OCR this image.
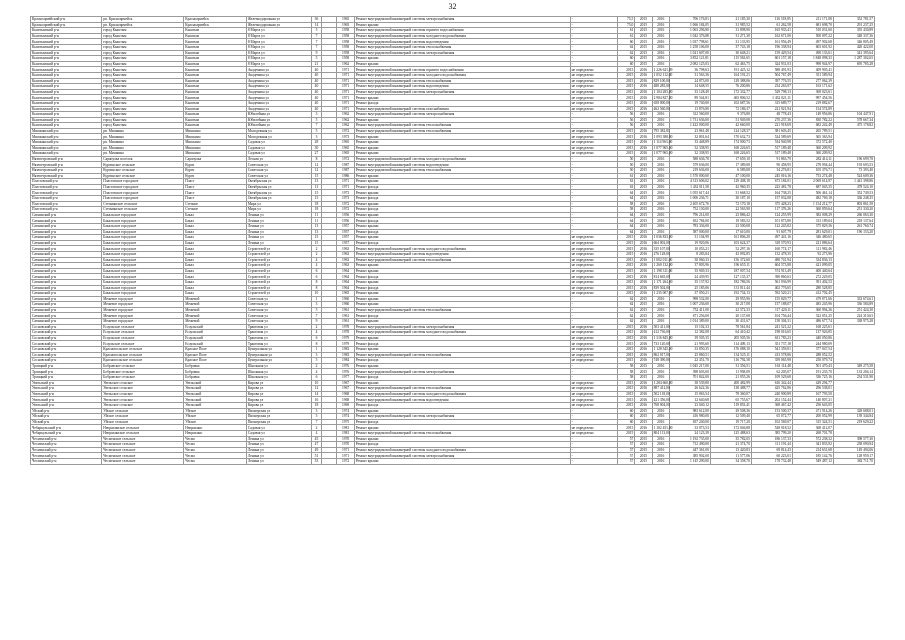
32
Красноармейский р-н	рп. Красноармейск	Красноармейск	Железнодорожная ул	36		1965	Ремонт внутридомовой инженерной системы электроснабжения	-	75,5	2015	2016	706 176,81	21 185,30	116 518,85	211 171,08	352 781,57
Красноармейский р-н	рп. Красноармейск	Красноармейск	Железнодорожная ул	14		1965	Ремонт крыши	-	75,0	2015	2016	1 066 184,05	31 985,52	61 262,58	681 698,70	291 237,25
Кыштымский р-н	город Кыштым	Кыштым	8 Марта ул	5		1958	Ремонт внутридомовой инженерной системы горячего водоснабжения	-	61	2015	2016	1 063 296,80	31 898,90	165 935,41	510 031,60	355 430,89
Кыштымский р-н	город Кыштым	Кыштым	8 Марта ул	7		1958	Ремонт внутридомовой инженерной системы холодного водоснабжения	-	61	2015	2016	1 042 376,88	31 271,30	162 671,00	500 097,22	348 337,36
Кыштымский р-н	город Кыштым	Кыштым	8 Марта ул	7		1958	Ремонт внутридомовой инженерной системы водоотведения	-	60	2015	2016	1 037 798,61	31 133,95	161 956,49	497 902,68	346 805,49
Кыштымский р-н	город Кыштым	Кыштым	8 Марта ул	7		1958	Ремонт внутридомовой инженерной системы теплоснабжения	-	62	2015	2016	1 258 106,00	37 743,18	196 338,94	603 601,92	420 422,00
Кыштымский р-н	город Кыштым	Кыштым	8 Марта ул	9		1958	Ремонт внутридомовой инженерной системы электроснабжения	-	62	2015	2016	1 021 607,00	30 648,21	159 429,54	490 133,61	341 395,64
Кыштымский р-н	город Кыштым	Кыштым	8 Марта ул	5		1958	Ремонт крыши	-	60	2015	2016	3 852 121,81	115 563,65	601 157,18	1 848 098,33	1 287 302,65
Кыштымский р-н	город Кыштым	Кыштым	8 Марта ул	21		1962	Ремонт крыши	-	60	2015	2016	2 082 125,03	62 463,75	324 931,03	998 944,97	695 785,28
Кыштымский р-н	город Кыштым	Кыштым	Академика ул	40		1971	Ремонт внутридомовой инженерной системы горячего водоснабжения	не определено	2015	2016	1 226 621,09	36 798,63	191 425,12	588 491,93	409 905,41	
Кыштымский р-н	город Кыштым	Кыштым	Академика ул	40		1971	Ремонт внутридомовой инженерной системы холодного водоснабжения	не определено	2015	2016	1 052 112,00	31 563,36	164 191,21	504 767,49	351 589,94	
Кыштымский р-н	город Кыштым	Кыштым	Академика ул	40		1971	Ремонт внутридомовой инженерной системы теплоснабжения	не определено	2015	2016	829 100,00	24 873,00	129 388,06	397 776,55	277 062,39	
Кыштымский р-н	город Кыштым	Кыштым	Академика ул	40		1971	Ремонт внутридомовой инженерной системы водоотведения	не определено	2015	2016	488 285,00	14 648,55	76 200,86	234 263,97	163 171,62	
Кыштымский р-н	город Кыштым	Кыштым	Академика ул	40		1971	Ремонт внутридомовой инженерной системы электроснабжения	не определено	2015	2016	1 104 283,00	33 128,49	172 332,77	529 798,13	369 023,61	
Кыштымский р-н	город Кыштым	Кыштым	Академика ул	40		1971	Ремонт крыши	не определено	2015	2016	2 984 827,00	89 544,81	465 806,52	1 432 021,11	997 454,56	
Кыштымский р-н	город Кыштым	Кыштым	Академика ул	40		1971	Ремонт фасада	не определено	2015	2016	658 000,00	19 740,00	102 687,56	315 689,77	219 882,67	
Кыштымский р-н	город Кыштым	Кыштым	Академика ул	40		1971	Ремонт внутридомовой инженерной системы газоснабжения	не определено	2015	2016	462 560,00	13 876,80	72 186,37	221 921,94	154 574,89	
Кыштымский р-н	город Кыштым	Кыштым	Юбилейная ул	3		1962	Ремонт внутридомовой инженерной системы электроснабжения	-	56	2015	2016	312 560,00	9 376,80	48 778,43	149 956,86	104 447,91
Кыштымский р-н	город Кыштым	Кыштым	Юбилейная ул	5		1962	Ремонт крыши	-	56	2015	2016	1 731 636,00	51 949,08	270 237,36	830 782,22	578 667,34
Кыштымский р-н	город Кыштым	Кыштым	Юбилейная ул	7		1962	Ремонт внутридомовой инженерной системы теплоснабжения	-	56	2015	2016	1 422 000,00	42 660,00	221 918,69	682 242,49	475 178,82
Мишкинский р-н	рп. Мишкино	Мишкино	Молодежная ул	5		1972	Ремонт внутридомовой инженерной системы теплоснабжения	не определено	2015	2016	795 382,81	23 861,48	124 128,37	381 603,45	265 789,51	
Мишкинский р-н	рп. Мишкино	Мишкино	Молодежная ул	3		1973	Ремонт крыши	не определено	2015	2016	1 093 388,00	32 801,64	170 632,73	524 589,69	365 363,94	
Мишкинский р-н	рп. Мишкино	Мишкино	Садовая ул	28		1965	Ремонт крыши	не определено	2015	2016	1 114 963,00	33 448,89	174 000,73	534 940,98	372 572,40	
Мишкинский р-н	рп. Мишкино	Мишкино	Садовая ул	30		1965	Ремонт крыши	не определено	2015	2016	1 077 965,00	32 338,95	168 226,65	517 189,48	360 209,92	
Мишкинский р-н	рп. Мишкино	Мишкино	Садовая ул	27		1965	Ремонт крыши	не определено	2015	2016	1 077 965,00	32 338,95	168 226,65	517 189,48	360 209,92	
Нязепетровский р-н	Сарапулка поселок	Сарапулка	Лесная ул	8		1972	Ремонт внутридомовой инженерной системы холодного водоснабжения	-	50	2015	2016	588 636,78	17 659,10	91 863,79	282 414,11	196 699,78
Нязепетровский р-н	Кургинское сельское	Курги	Советская ул	12		1987	Ремонт внутридомовой инженерной системы водоотведения	-	50	2015	2016	579 636,00	17 389,08	90 458,95	278 094,44	193 693,53
Нязепетровский р-н	Кургинское сельское	Курги	Советская ул	12		1987	Ремонт внутридомовой инженерной системы теплоснабжения	-	50	2015	2016	219 636,00	6 589,08	34 276,81	105 376,71	73 393,40
Нязепетровский р-н	Кургинское сельское	Курги	Советская ул	15		1986	Ремонт крыши	-	61	2015	2016	1 570 000,00	47 100,00	245 016,16	753 274,48	524 609,36
Пластовский р-н	Пластовское городское	Пласт	Октябрьская ул	13		1971	Ремонт крыши	-	63	2015	2016	4 313 606,02	129 408,18	673 184,01	2 069 614,97	1 441 398,86
Пластовский р-н	Пластовское городское	Пласт	Октябрьская ул	13		1971	Ремонт фасада	-	63	2015	2016	1 432 011,58	42 960,35	223 481,78	687 045,35	478 524,10
Пластовский р-н	Пластовское городское	Пласт	Октябрьская ул	15		1973	Ремонт крыши	-	64	2015	2016	1 055 617,44	31 668,52	164 738,25	506 461,14	352 749,53
Пластовский р-н	Пластовское городское	Пласт	Октябрьская ул	15		1973	Ремонт фасада	-	64	2015	2016	1 006 236,71	30 187,10	157 032,08	482 769,18	336 248,35
Пластовский р-н	Степнинское сельское	Степное	Мира ул	18		1972	Ремонт крыши	-	58	2015	2016	2 405 672,76	72 170,18	375 428,23	1 154 212,77	803 861,58
Пластовский р-н	Степнинское сельское	Степное	Мира ул	18		1972	Ремонт фасада	-	58	2015	2016	752 130,00	22 563,90	117 376,26	360 859,64	251 330,20
Саткинский р-н	Бакальское городское	Бакал	Ленина ул	11		1956	Ремонт крыши	-	64	2015	2016	796 214,00	23 886,42	124 255,99	382 008,29	266 063,30
Саткинский р-н	Бакальское городское	Бакал	Ленина ул	11		1956	Ремонт фасада	-	64	2015	2016	652 784,00	19 583,52	101 873,80	313 189,04	218 137,64
Саткинский р-н	Бакальское городское	Бакал	Ленина ул	13		1957	Ремонт крыши	-	64	2015	2016	783 336,00	23 500,08	122 245,82	375 829,36	261 760,74
Саткинский р-н	Бакальское городское	Бакал	Ленина ул	13		1957	Ремонт фасада	-	64	2015	2016	587 000,00	17 610,00	91 607,79	281 629,01	196 153,20
Саткинский р-н	Бакальское городское	Бакал	Ленина ул	15		1957	Ремонт крыши	не определено	2015	2016	1 036 833,00	31 104,99	161 806,20	497 441,16	346 480,65	
Саткинский р-н	Бакальское городское	Бакал	Ленина ул	15		1957	Ремонт фасада	не определено	2015	2016	664 002,00	19 920,06	103 624,37	318 570,93	221 886,64	
Саткинский р-н	Бакальское городское	Бакал	Строителей ул	2		1963	Ремонт внутридомовой инженерной системы холодного водоснабжения	не определено	2015	2016	335 107,00	10 053,21	52 297,16	160 774,17	111 982,46	
Саткинский р-н	Бакальское городское	Бакал	Строителей ул	2		1963	Ремонт внутридомовой инженерной системы водоотведения	не определено	2015	2016	276 128,00	8 283,84	43 092,85	132 478,35	92 273,96	
Саткинский р-н	Бакальское городское	Бакал	Строителей ул	4		1963	Ремонт внутридомовой инженерной системы теплоснабжения	не определено	2015	2016	1 002 011,00	30 060,33	156 372,60	480 741,94	334 836,13	
Саткинский р-н	Бакальское городское	Бакал	Строителей ул	4		1963	Ремонт крыши	не определено	2015	2016	1 260 132,00	37 803,96	196 655,11	604 573,88	421 099,05	
Саткинский р-н	Бакальское городское	Бакал	Строителей ул	6		1964	Ремонт крыши	не определено	2015	2016	1 198 311,00	35 949,33	187 007,54	574 913,49	400 440,64	
Саткинский р-н	Бакальское городское	Бакал	Строителей ул	6		1964	Ремонт фасада	не определено	2015	2016	814 665,00	24 439,95	127 135,37	390 860,63	272 229,05	
Саткинский р-н	Бакальское городское	Бакал	Строителей ул	8		1964	Ремонт крыши	не определено	2015	2016	1 171 264,00	35 137,92	182 786,56	561 936,99	391 402,53	
Саткинский р-н	Бакальское городское	Бакал	Строителей ул	8		1964	Ремонт фасада	не определено	2015	2016	839 502,00	25 185,06	131 011,44	402 776,65	280 528,85	
Саткинский р-н	Бакальское городское	Бакал	Строителей ул	10		1965	Ремонт крыши	не определено	2015	2016	1 235 007,00	37 050,21	192 734,13	592 520,21	412 702,45	
Саткинский р-н	Межевое городское	Межевой	Советская ул	1		1960	Ремонт крыши	-	62	2015	2016	998 532,00	29 955,96	155 829,77	479 071,66	333 674,61
Саткинский р-н	Межевое городское	Межевой	Советская ул	3		1960	Ремонт крыши	-	62	2015	2016	1 007 236,00	30 217,08	157 188,07	483 245,96	336 584,89
Саткинский р-н	Межевое городское	Межевой	Советская ул	5		1961	Ремонт внутридомовой инженерной системы теплоснабжения	-	62	2015	2016	752 411,00	22 572,33	117 420,11	360 994,26	251 424,30
Саткинский р-н	Межевое городское	Межевой	Советская ул	7		1961	Ремонт фасада	-	62	2015	2016	671 256,00	20 137,68	104 756,44	322 051,25	224 310,63
Саткинский р-н	Межевое городское	Межевой	Советская ул	9		1961	Ремонт крыши	-	62	2015	2016	1 014 389,00	30 431,67	158 304,31	486 677,74	338 975,28
Сосновский р-н	Есаульское сельское	Есаульский	Трактовая ул	2		1978	Ремонт внутридомовой инженерной системы электроснабжения	не определено	2015	2016	503 411,00	15 102,33	78 561,84	241 521,22	168 225,61	
Сосновский р-н	Есаульское сельское	Есаульский	Трактовая ул	4		1978	Ремонт внутридомовой инженерной системы холодного водоснабжения	не определено	2015	2016	412 736,00	12 382,08	64 410,42	198 016,65	137 926,85	
Сосновский р-н	Есаульское сельское	Есаульский	Трактовая ул	6		1979	Ремонт крыши	не определено	2015	2016	1 316 845,00	39 505,35	205 505,56	631 783,23	440 050,86	
Сосновский р-н	Есаульское сельское	Есаульский	Трактовая ул	8		1979	Ремонт фасада	не определено	2015	2016	733 120,00	21 993,60	114 409,13	351 737,18	244 980,09	
Сосновский р-н	Краснопольское сельское	Красное Поле	Центральная ул	1		1983	Ремонт крыши	не определено	2015	2016	1 128 345,00	33 850,35	176 088,10	541 359,01	377 047,54	
Сосновский р-н	Краснопольское сельское	Красное Поле	Центральная ул	3		1983	Ремонт внутридомовой инженерной системы теплоснабжения	не определено	2015	2016	862 017,00	25 860,51	134 525,11	413 578,86	288 052,52	
Сосновский р-н	Краснопольское сельское	Красное Поле	Центральная ул	5		1984	Ремонт фасада	не определено	2015	2016	748 390,00	22 451,70	116 792,58	359 065,98	250 079,74	
Троицкий р-н	Бобровское сельское	Бобровка	Школьная ул	2		1976	Ремонт крыши	-	58	2015	2016	1 045 217,00	31 356,51	163 114,48	501 470,43	349 275,58
Троицкий р-н	Бобровское сельское	Бобровка	Школьная ул	4		1976	Ремонт внутридомовой инженерной системы электроснабжения	-	58	2015	2016	398 603,00	11 958,09	62 205,07	191 235,70	133 204,14
Троицкий р-н	Бобровское сельское	Бобровка	Школьная ул	6		1977	Ремонт фасада	-	58	2015	2016	701 842,00	21 055,26	109 529,68	336 725,16	234 531,90
Увельский р-н	Увельское сельское	Увельский	Кирова ул	10		1967	Ремонт крыши	не определено	2015	2016	1 284 660,00	38 539,80	200 482,99	616 342,44	429 294,77	
Увельский р-н	Увельское сельское	Увельский	Кирова ул	12		1967	Ремонт внутридомовой инженерной системы теплоснабжения	не определено	2015	2016	887 412,00	26 622,36	138 488,77	425 762,86	296 538,01	
Увельский р-н	Увельское сельское	Увельский	Кирова ул	14		1968	Ремонт внутридомовой инженерной системы холодного водоснабжения	не определено	2015	2016	502 118,00	15 063,54	78 360,07	240 900,89	167 793,50	
Увельский р-н	Увельское сельское	Увельский	Кирова ул	16		1968	Ремонт внутридомовой инженерной системы водоотведения	не определено	2015	2016	421 356,00	12 640,68	65 755,67	202 152,44	140 807,21	
Увельский р-н	Увельское сельское	Увельский	Кирова ул	18		1969	Ремонт фасада	не определено	2015	2016	768 004,00	23 040,12	119 853,41	368 467,42	256 643,05	
Уйский р-н	Уйское сельское	Уйское	Пионерская ул	3		1974	Ремонт крыши	-	60	2015	2016	983 612,00	29 508,36	153 500,37	471 914,26	328 688,01
Уйский р-н	Уйское сельское	Уйское	Пионерская ул	5		1974	Ремонт внутридомовой инженерной системы электроснабжения	-	60	2015	2016	416 980,00	12 509,40	65 072,77	200 052,99	139 344,84
Уйский р-н	Уйское сельское	Уйское	Пионерская ул	7		1975	Ремонт фасада	-	60	2015	2016	657 240,00	19 717,20	102 569,07	315 324,51	219 629,22
Чебаркульский р-н	Непряхинское сельское	Непряхино	Садовая ул	2		1981	Ремонт крыши	не определено	2015	2016	1 102 451,00	33 073,53	172 046,88	528 918,52	368 412,07	
Чебаркульский р-н	Непряхинское сельское	Непряхино	Садовая ул	4		1981	Ремонт внутридомовой инженерной системы теплоснабжения	не определено	2015	2016	804 113,00	24 123,39	125 488,63	385 799,20	268 701,78	
Чесменский р-н	Чесменское сельское	Чесма	Ленина ул	45		1970	Ремонт крыши	-	57	2015	2016	1 192 735,00	35 782,05	186 137,33	572 238,32	398 577,30
Чесменский р-н	Чесменское сельское	Чесма	Ленина ул	47		1970	Ремонт фасада	-	57	2015	2016	712 490,00	21 374,70	111 191,44	341 833,92	238 090,94
Чесменский р-н	Чесменское сельское	Чесма	Ленина ул	49		1971	Ремонт внутридомовой инженерной системы холодного водоснабжения	-	57	2015	2016	447 361,00	13 420,83	69 814,43	214 631,68	149 494,06
Чесменский р-н	Чесменское сельское	Чесма	Ленина ул	51		1971	Ремонт внутридомовой инженерной системы электроснабжения	-	57	2015	2016	385 902,00	11 577,06	60 223,01	185 142,76	128 959,17
Чесменский р-н	Чесменское сельское	Чесма	Ленина ул	53		1972	Ремонт крыши	-	57	2015	2016	1 145 290,00	34 358,70	178 732,48	549 487,12	382 711,70
